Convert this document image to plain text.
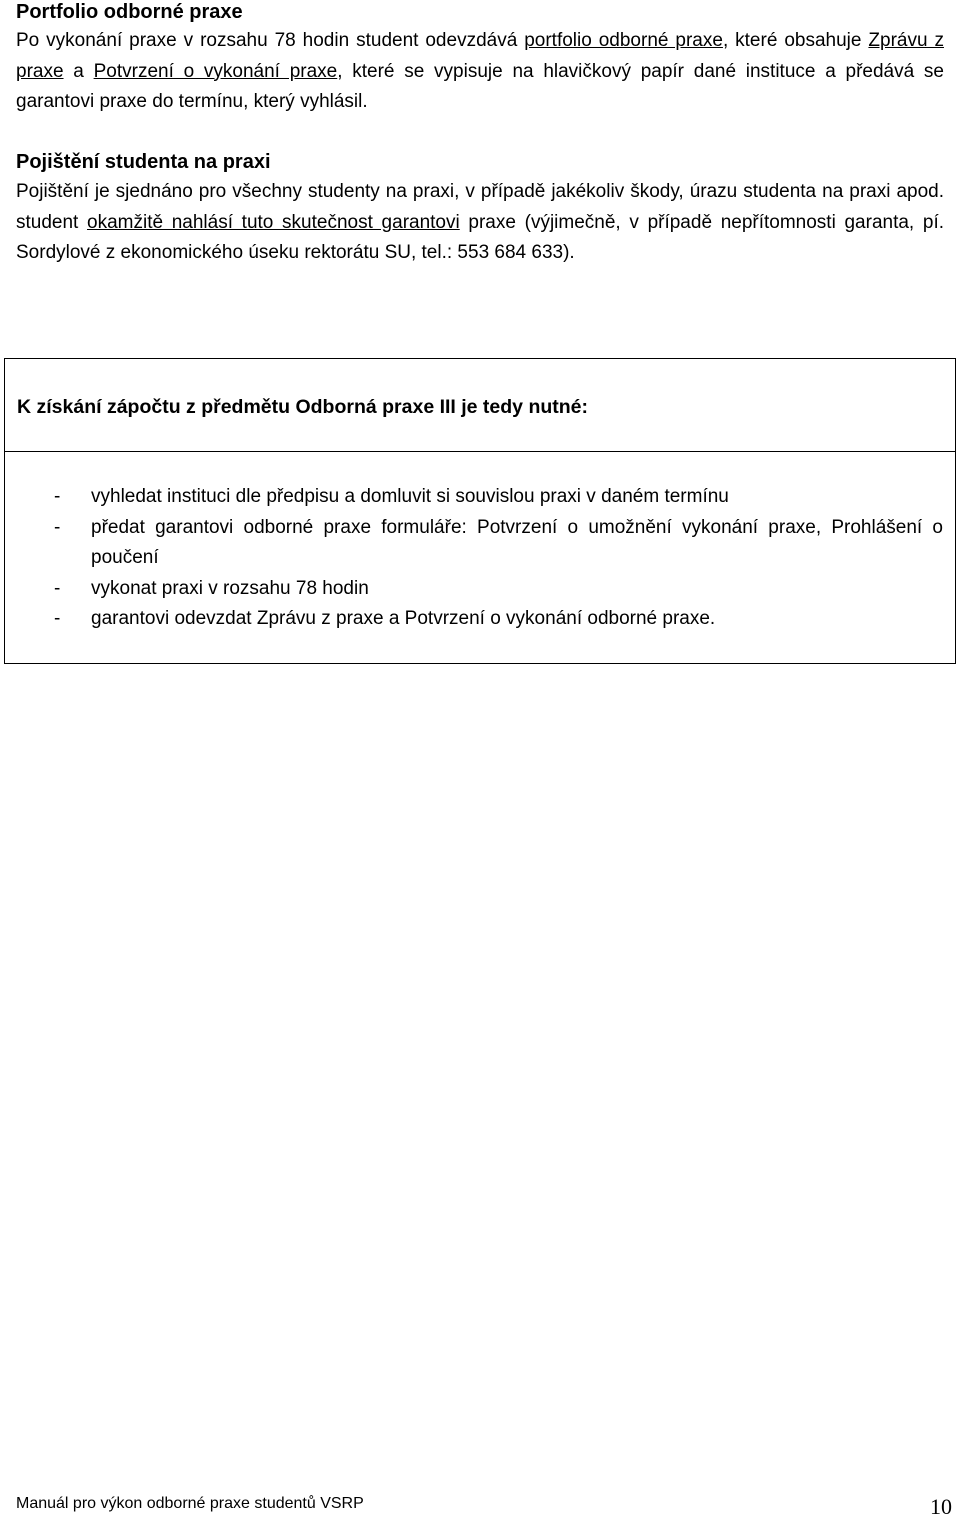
Portfolio odborné praxe

Po vykonání praxe v rozsahu 78 hodin student odevzdává portfolio odborné praxe, které obsahuje Zprávu z praxe a Potvrzení o vykonání praxe, které se vypisuje na hlavičkový papír dané instituce a předává se garantovi praxe do termínu, který vyhlásil.

Pojištění studenta na praxi

Pojištění je sjednáno pro všechny studenty na praxi, v případě jakékoliv škody, úrazu studenta na praxi apod. student okamžitě nahlásí tuto skutečnost garantovi praxe (výjimečně, v případě nepřítomnosti garanta, pí. Sordylové z ekonomického úseku rektorátu SU, tel.: 553 684 633).

K získání zápočtu z předmětu Odborná praxe III je tedy nutné:

- vyhledat instituci dle předpisu a domluvit si souvislou praxi v daném termínu
- předat garantovi odborné praxe formuláře: Potvrzení o umožnění vykonání praxe, Prohlášení o poučení
- vykonat praxi v rozsahu 78 hodin
- garantovi odevzdat Zprávu z praxe a Potvrzení o vykonání odborné praxe.
Manuál pro výkon odborné praxe studentů VSRP	10
